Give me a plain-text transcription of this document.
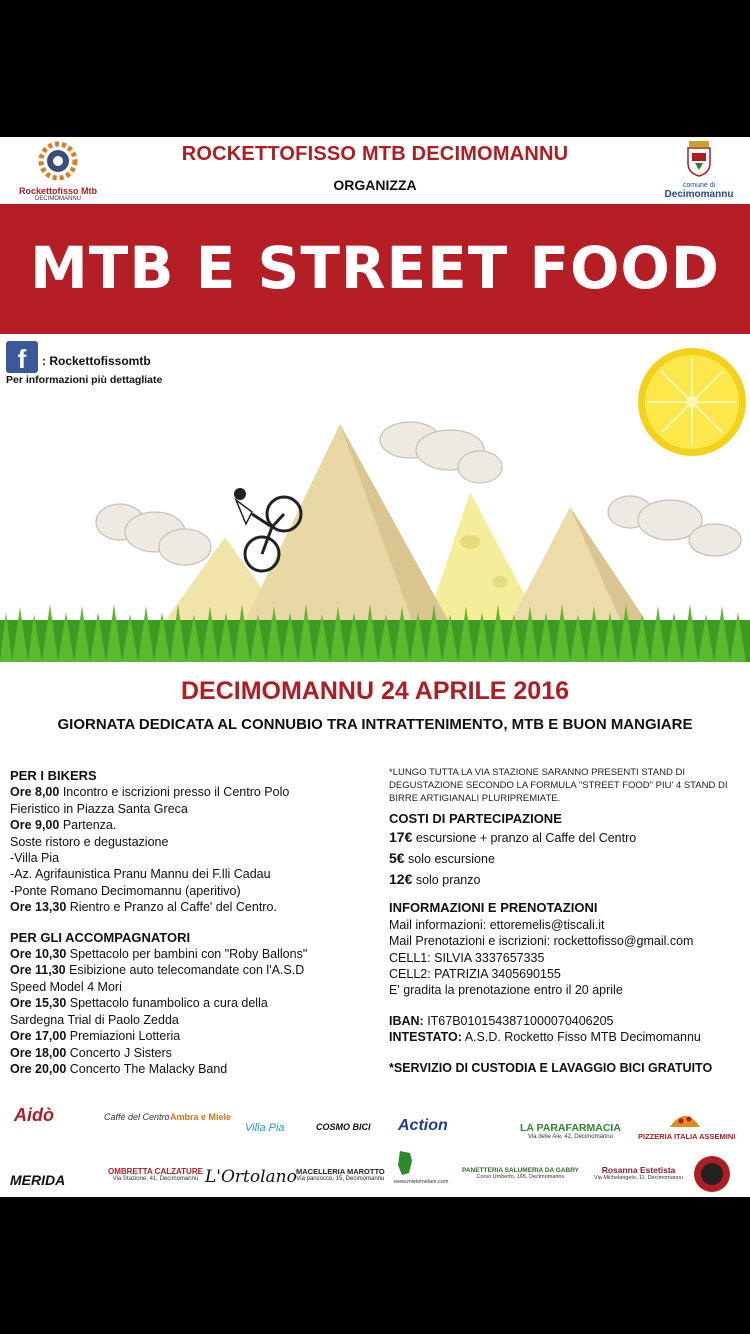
Rockettofisso Mtb
DECIMOMANNU
ROCKETTOFISSO MTB DECIMOMANNU
ORGANIZZA	comune di
Decimomannu
MTB E STREET FOOD
f	: Rockettofissomtb
Per informazioni più dettagliate
DECIMOMANNU 24 APRILE 2016
GIORNATA DEDICATA AL CONNUBIO TRA INTRATTENIMENTO, MTB E BUON MANGIARE
PER I BIKERS
Ore 8,00 Incontro e iscrizioni presso il Centro Polo
Fieristico in Piazza Santa Greca
Ore 9,00 Partenza.
Soste ristoro e degustazione
-Villa Pia
-Az. Agrifaunistica Pranu Mannu dei F.lli Cadau
-Ponte Romano Decimomannu (aperitivo)
Ore 13,30 Rientro e Pranzo al Caffe' del Centro.
PER GLI ACCOMPAGNATORI
Ore 10,30 Spettacolo per bambini con "Roby Ballons"
Ore 11,30 Esibizione auto telecomandate con l'A.S.D
Speed Model 4 Mori
Ore 15,30 Spettacolo funambolico a cura della
Sardegna Trial di Paolo Zedda
Ore 17,00 Premiazioni Lotteria
Ore 18,00 Concerto J Sisters
Ore 20,00 Concerto The Malacky Band
*LUNGO TUTTA LA VIA STAZIONE SARANNO PRESENTI STAND DI
DEGUSTAZIONE SECONDO LA FORMULA "STREET FOOD" PIU' 4 STAND DI
BIRRE ARTIGIANALI PLURIPREMIATE.
COSTI DI PARTECIPAZIONE
17€ escursione + pranzo al Caffe del Centro
5€ solo escursione
12€ solo pranzo
INFORMAZIONI E PRENOTAZIONI
Mail informazioni: ettoremelis@tiscali.it
Mail Prenotazioni e iscrizioni: rockettofisso@gmail.com
CELL1: SILVIA 3337657335
CELL2: PATRIZIA 3405690155
E' gradita la prenotazione entro il 20 aprile
IBAN: IT67B0101543871000070406205
INTESTATO: A.S.D. Rocketto Fisso MTB Decimomannu
*SERVIZIO DI CUSTODIA E LAVAGGIO BICI GRATUITO
Aidò	Caffè del Centro Ambra e Miele
Villa Pia	COSMO BICI Action	LA PARAFARMACIA
Via delle Aie, 42, Decimomannu	PIZZERIA ITALIA ASSEMINI
MERIDA
OMBRETTA CALZATURE
Via Stazione, 41, Decimomannu L'Ortolano MACELLERIA MAROTTO
Via pancocco, 15, Decimomannu www.mielemelani.com
PANETTERIA SALUMERIA DA GABRY
Corso Umberto, 165, Decimomannu
Rosanna Estetista
Via Michelangelo, 11, Decimomannu
